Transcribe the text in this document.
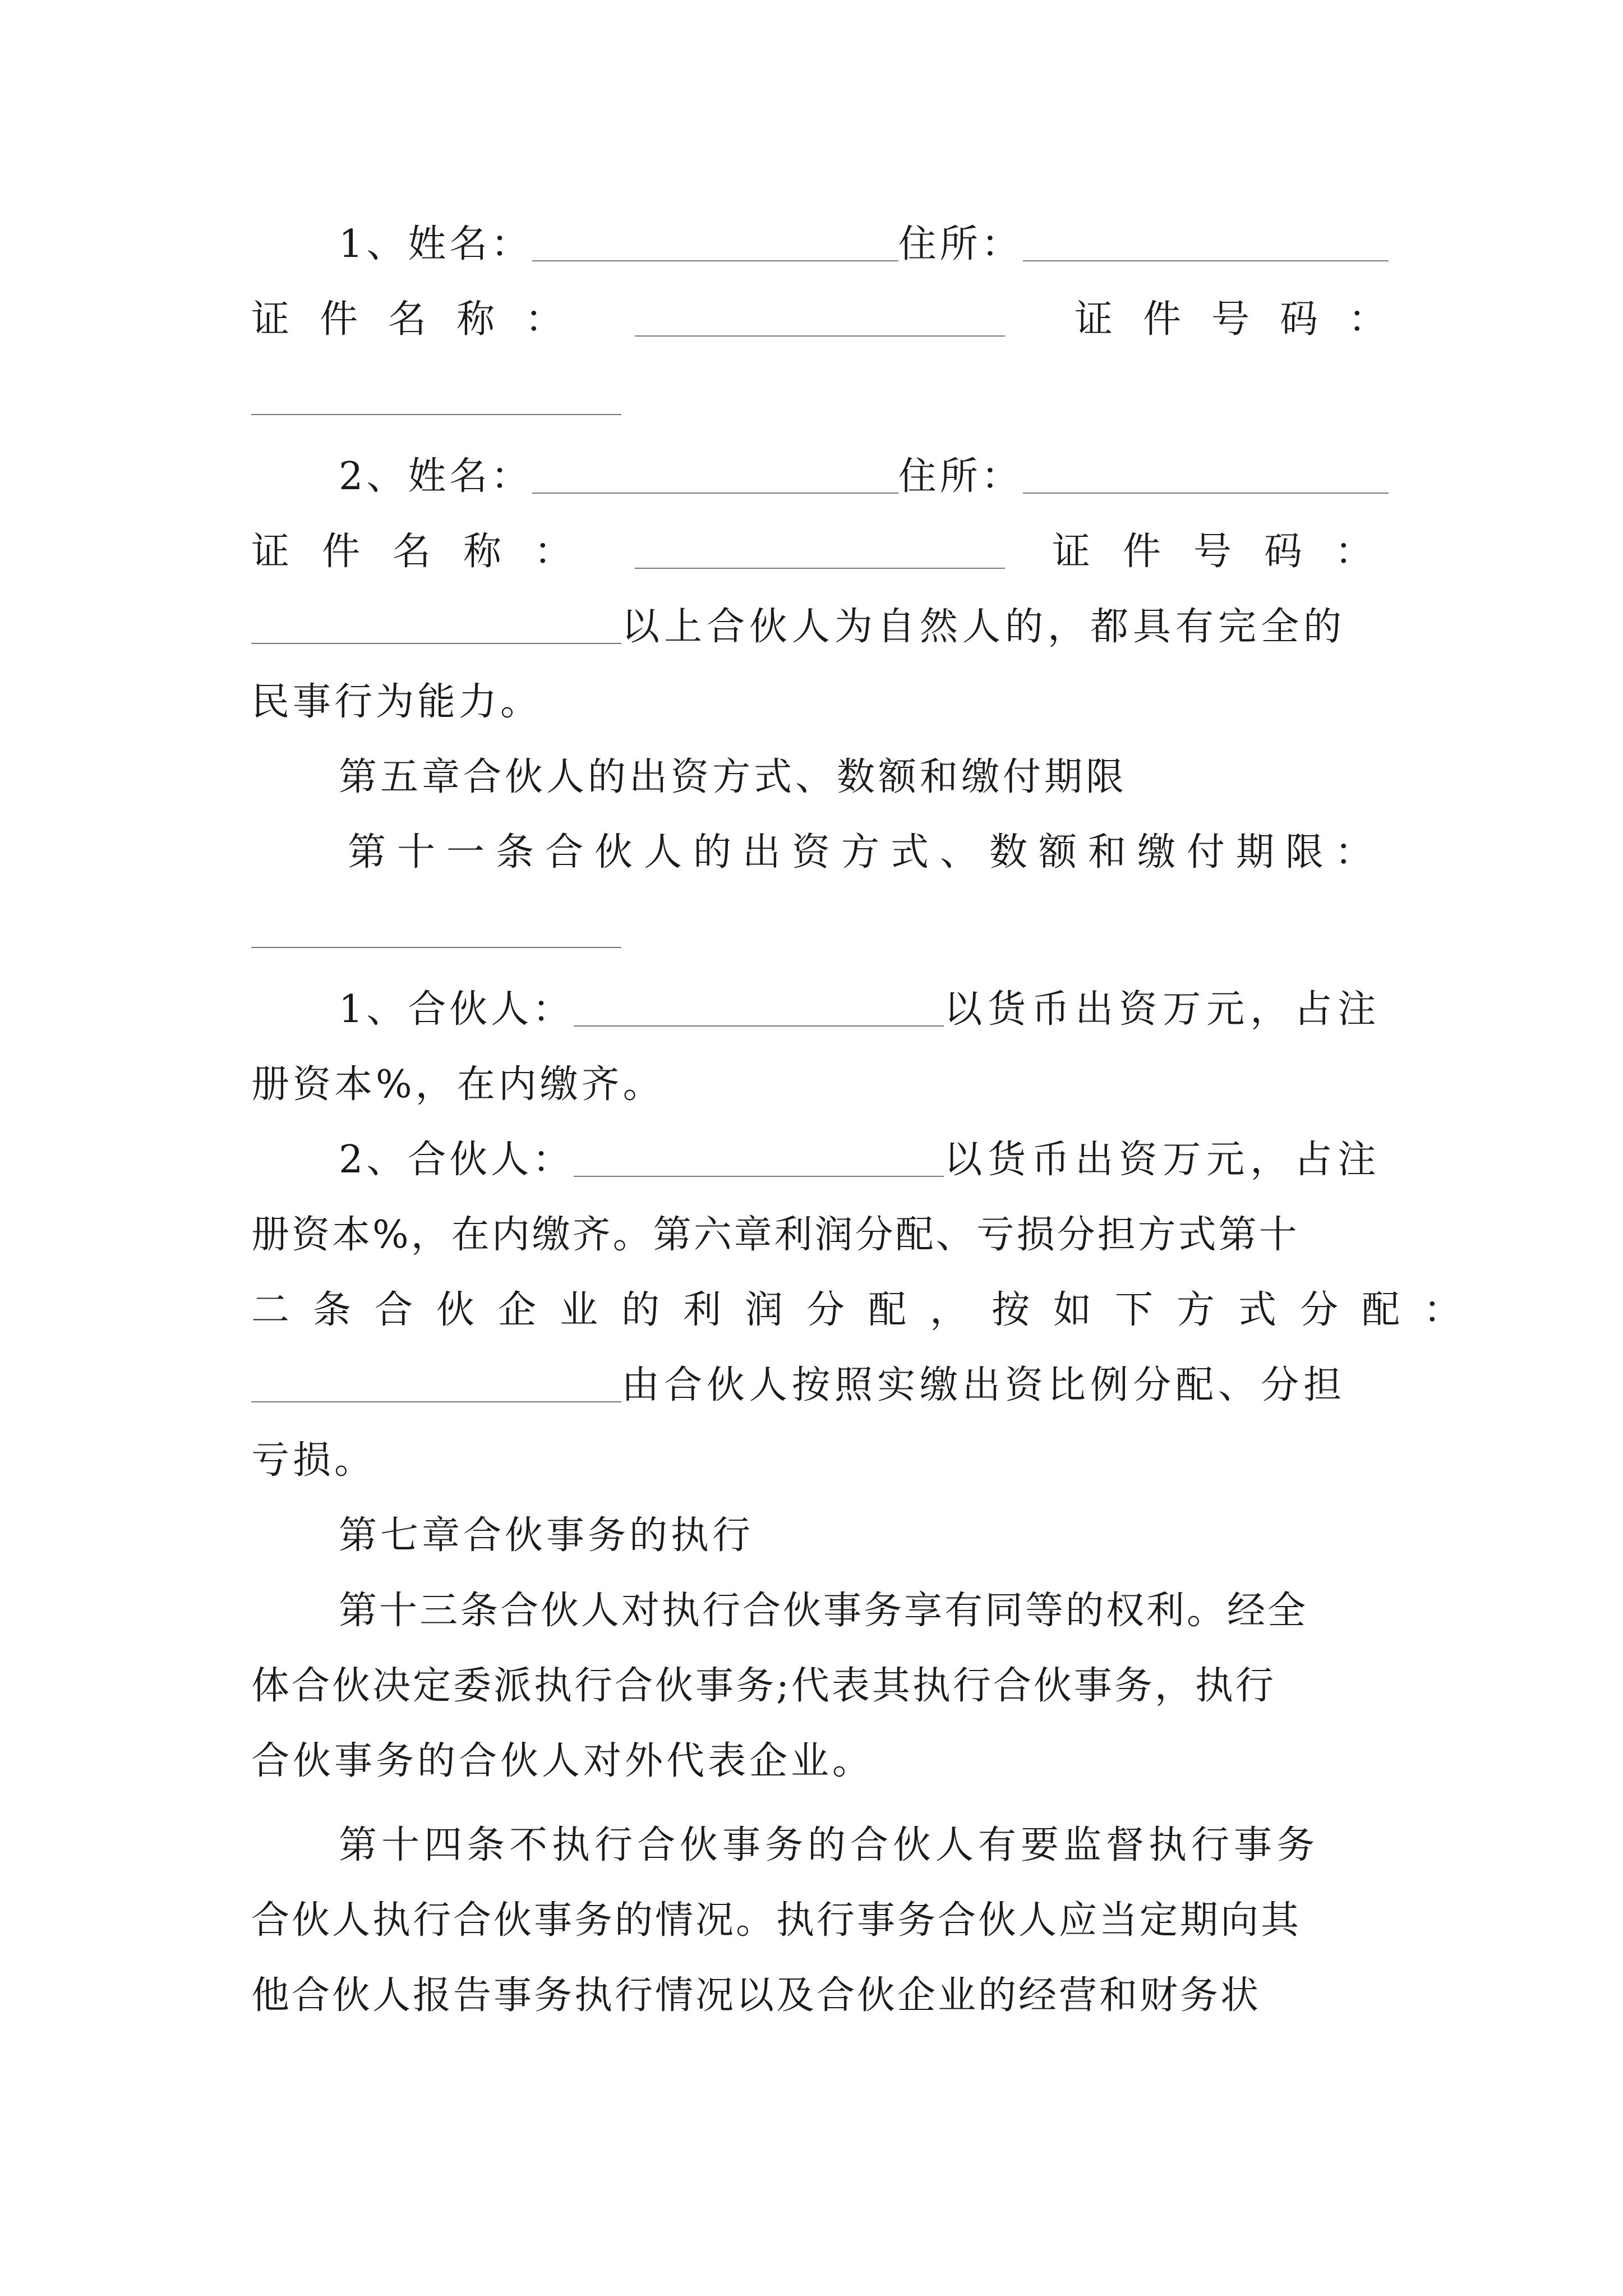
1、姓名：	住所：
证件名称：	证件号码：
2、姓名：	住所：
证件名称：	证件号码：
以上合伙人为自然人的，都具有完全的
民事行为能力。
第五章合伙人的出资方式、数额和缴付期限
第十一条合伙人的出资方式、数额和缴付期限：
1、合伙人：	以货币出资万元，占注
册资本%，在内缴齐。
2、合伙人：	以货币出资万元，占注
册资本%，在内缴齐。第六章利润分配、亏损分担方式第十
二条合伙企业的利润分配，按如下方式分配：
由合伙人按照实缴出资比例分配、分担
亏损。
第七章合伙事务的执行
第十三条合伙人对执行合伙事务享有同等的权利。经全
体合伙决定委派执行合伙事务;代表其执行合伙事务，执行
合伙事务的合伙人对外代表企业。
第十四条不执行合伙事务的合伙人有要监督执行事务
合伙人执行合伙事务的情况。执行事务合伙人应当定期向其
他合伙人报告事务执行情况以及合伙企业的经营和财务状
